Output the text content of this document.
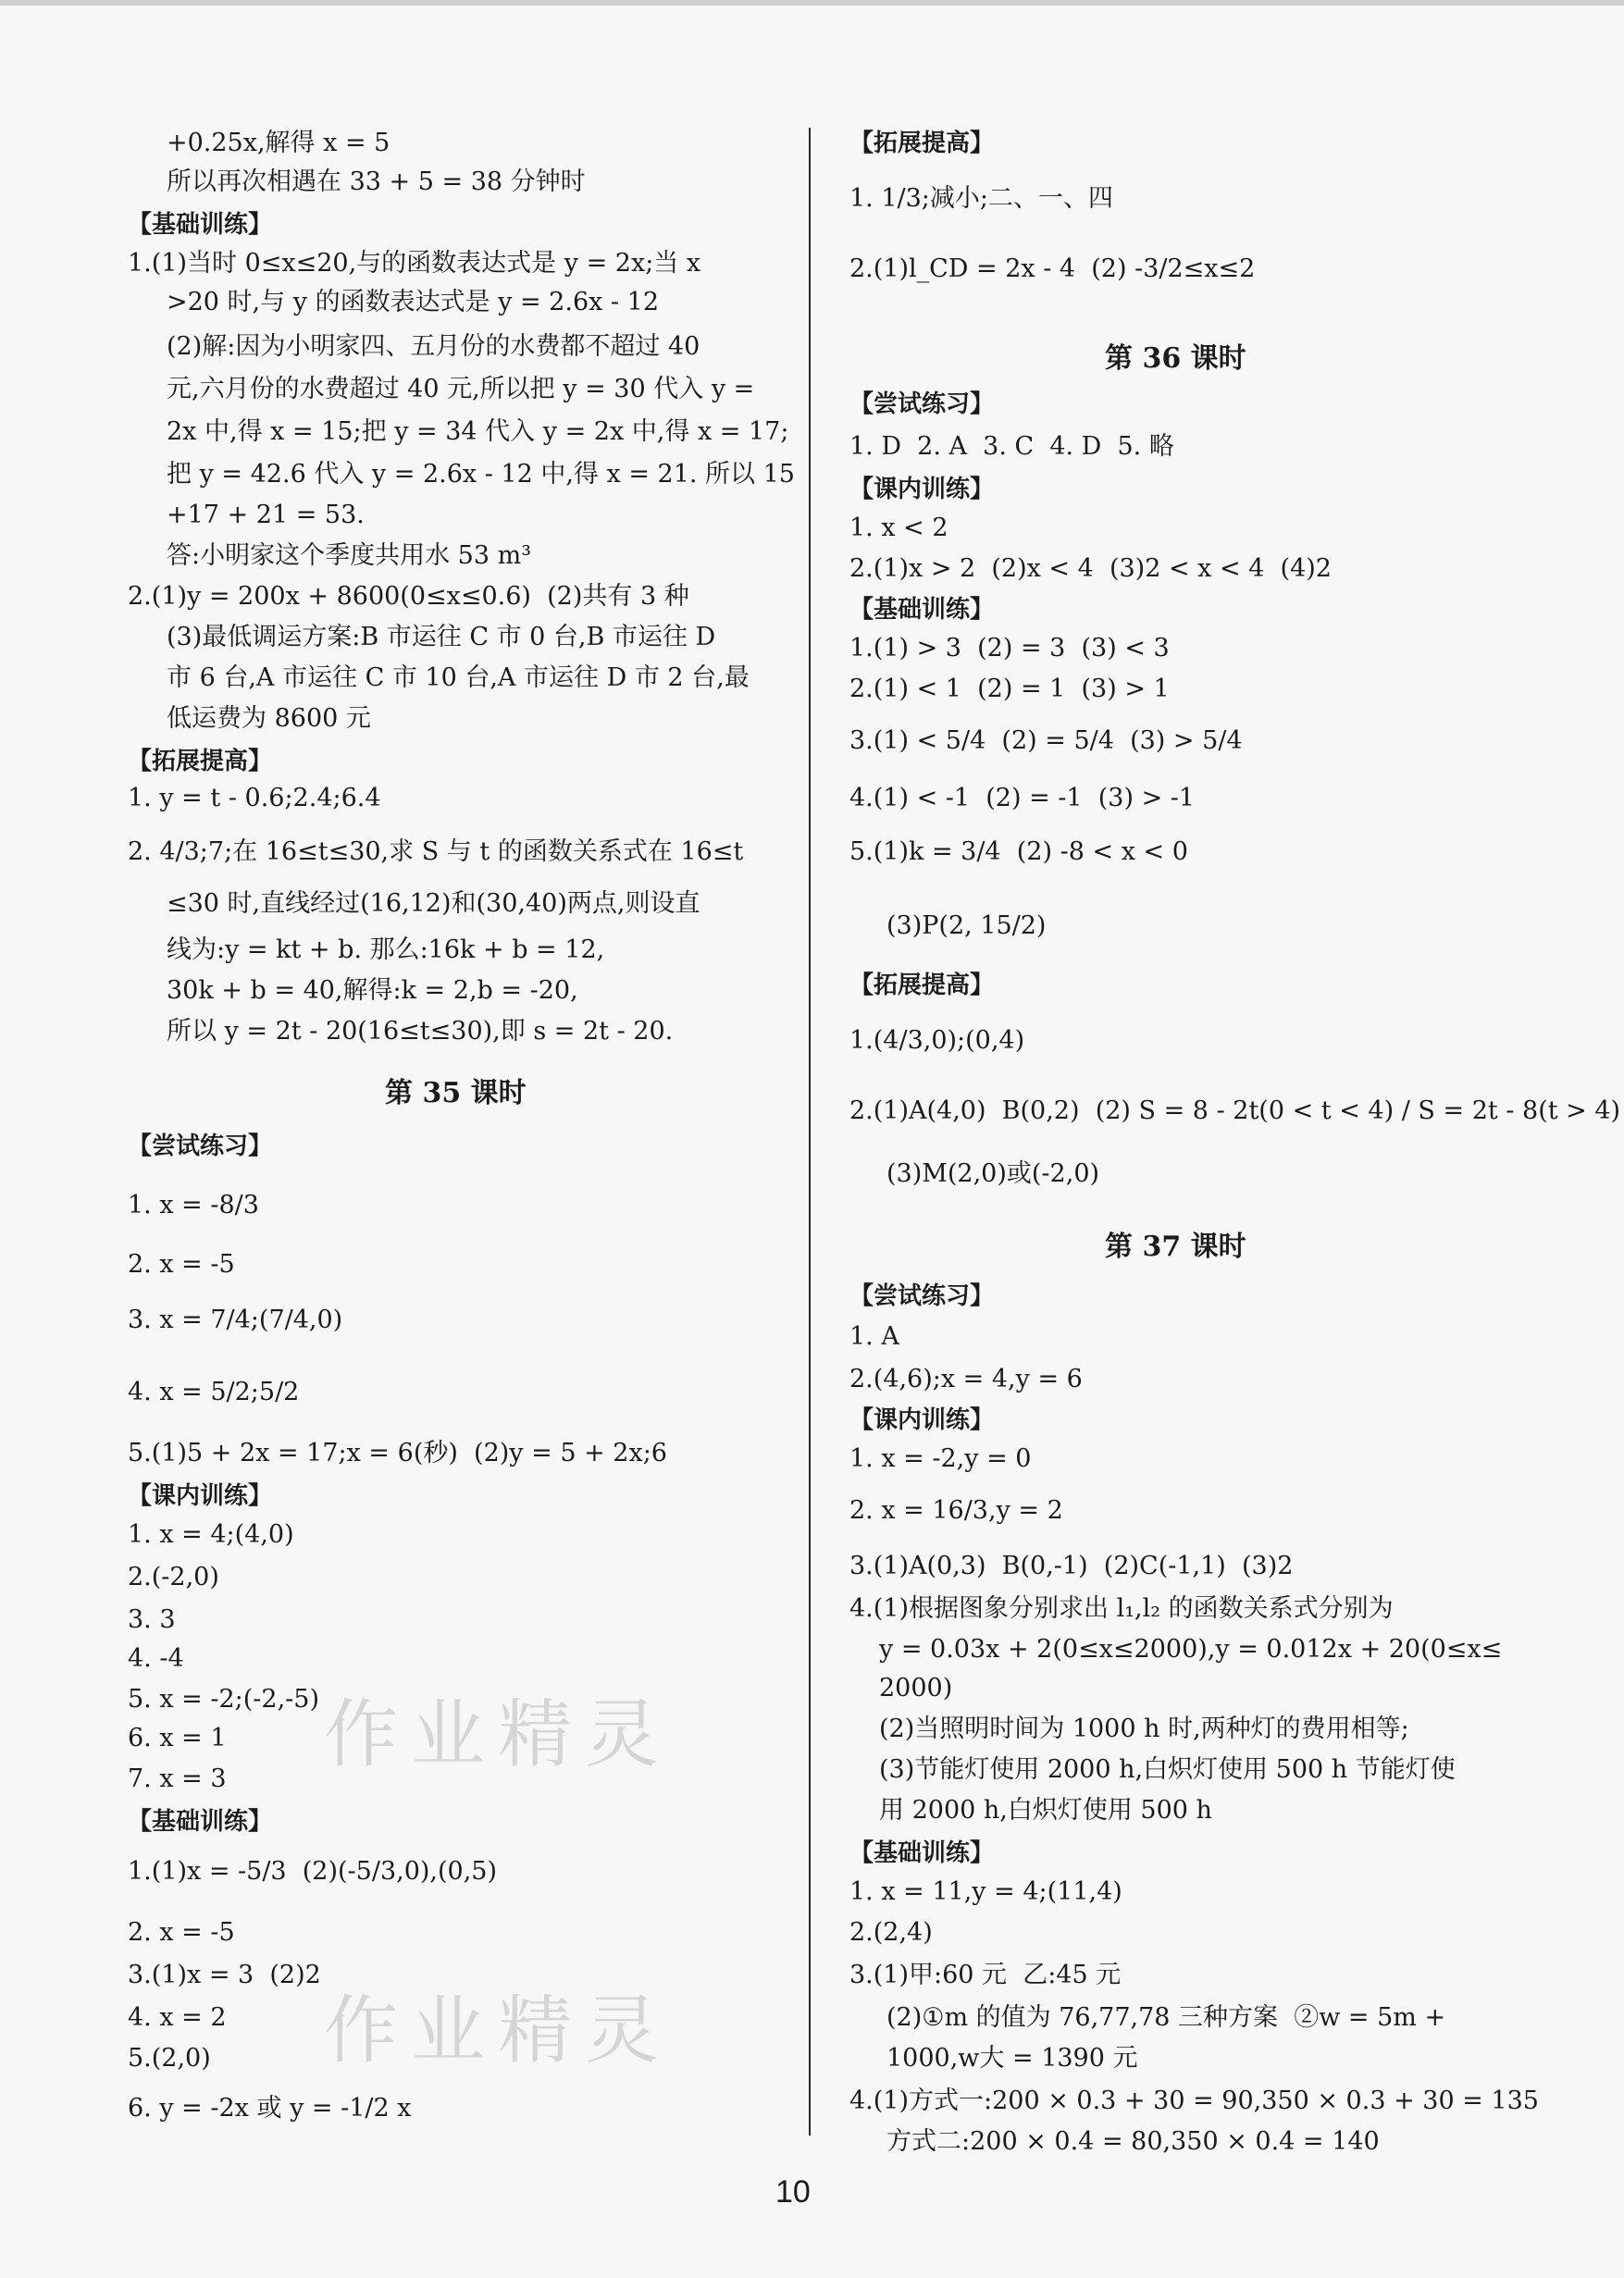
+0.25x,解得 x = 5
所以再次相遇在 33 + 5 = 38 分钟时
【基础训练】
1.(1)当时 0≤x≤20,与的函数表达式是 y = 2x;当 x
>20 时,与 y 的函数表达式是 y = 2.6x - 12
(2)解:因为小明家四、五月份的水费都不超过 40
元,六月份的水费超过 40 元,所以把 y = 30 代入 y =
2x 中,得 x = 15;把 y = 34 代入 y = 2x 中,得 x = 17;
把 y = 42.6 代入 y = 2.6x - 12 中,得 x = 21. 所以 15
+17 + 21 = 53.
答:小明家这个季度共用水 53 m³
2.(1)y = 200x + 8600(0≤x≤0.6)  (2)共有 3 种
(3)最低调运方案:B 市运往 C 市 0 台,B 市运往 D
市 6 台,A 市运往 C 市 10 台,A 市运往 D 市 2 台,最
低运费为 8600 元
【拓展提高】
1. y = t - 0.6;2.4;6.4
2. 4/3;7;在 16≤t≤30,求 S 与 t 的函数关系式在 16≤t
≤30 时,直线经过(16,12)和(30,40)两点,则设直
线为:y = kt + b. 那么:16k + b = 12,
30k + b = 40,解得:k = 2,b = -20,
所以 y = 2t - 20(16≤t≤30),即 s = 2t - 20.
【尝试练习】
1. x = -8/3
2. x = -5
3. x = 7/4;(7/4,0)
4. x = 5/2;5/2
5.(1)5 + 2x = 17;x = 6(秒)  (2)y = 5 + 2x;6
【课内训练】
1. x = 4;(4,0)
2.(-2,0)
3. 3
4. -4
5. x = -2;(-2,-5)
6. x = 1
7. x = 3
【基础训练】
1.(1)x = -5/3  (2)(-5/3,0),(0,5)
2. x = -5
3.(1)x = 3  (2)2
4. x = 2
5.(2,0)
6. y = -2x 或 y = -1/2 x
【拓展提高】
1. 1/3;减小;二、一、四
2.(1)l_CD = 2x - 4  (2) -3/2≤x≤2
【尝试练习】
1. D  2. A  3. C  4. D  5. 略
【课内训练】
1. x < 2
2.(1)x > 2  (2)x < 4  (3)2 < x < 4  (4)2
【基础训练】
1.(1) > 3  (2) = 3  (3) < 3
2.(1) < 1  (2) = 1  (3) > 1
3.(1) < 5/4  (2) = 5/4  (3) > 5/4
4.(1) < -1  (2) = -1  (3) > -1
5.(1)k = 3/4  (2) -8 < x < 0
(3)P(2, 15/2)
【拓展提高】
1.(4/3,0);(0,4)
2.(1)A(4,0)  B(0,2)  (2) S = 8 - 2t(0 < t < 4) / S = 2t - 8(t > 4)
(3)M(2,0)或(-2,0)
【尝试练习】
1. A
2.(4,6);x = 4,y = 6
【课内训练】
1. x = -2,y = 0
2. x = 16/3,y = 2
3.(1)A(0,3)  B(0,-1)  (2)C(-1,1)  (3)2
4.(1)根据图象分别求出 l₁,l₂ 的函数关系式分别为
y = 0.03x + 2(0≤x≤2000),y = 0.012x + 20(0≤x≤
2000)
(2)当照明时间为 1000 h 时,两种灯的费用相等;
(3)节能灯使用 2000 h,白炽灯使用 500 h 节能灯使
用 2000 h,白炽灯使用 500 h
【基础训练】
1. x = 11,y = 4;(11,4)
2.(2,4)
3.(1)甲:60 元  乙:45 元
(2)①m 的值为 76,77,78 三种方案  ②w = 5m +
1000,w大 = 1390 元
4.(1)方式一:200 × 0.3 + 30 = 90,350 × 0.3 + 30 = 135
方式二:200 × 0.4 = 80,350 × 0.4 = 140
第 35 课时
第 36 课时
第 37 课时
作业精灵
作业精灵
10
